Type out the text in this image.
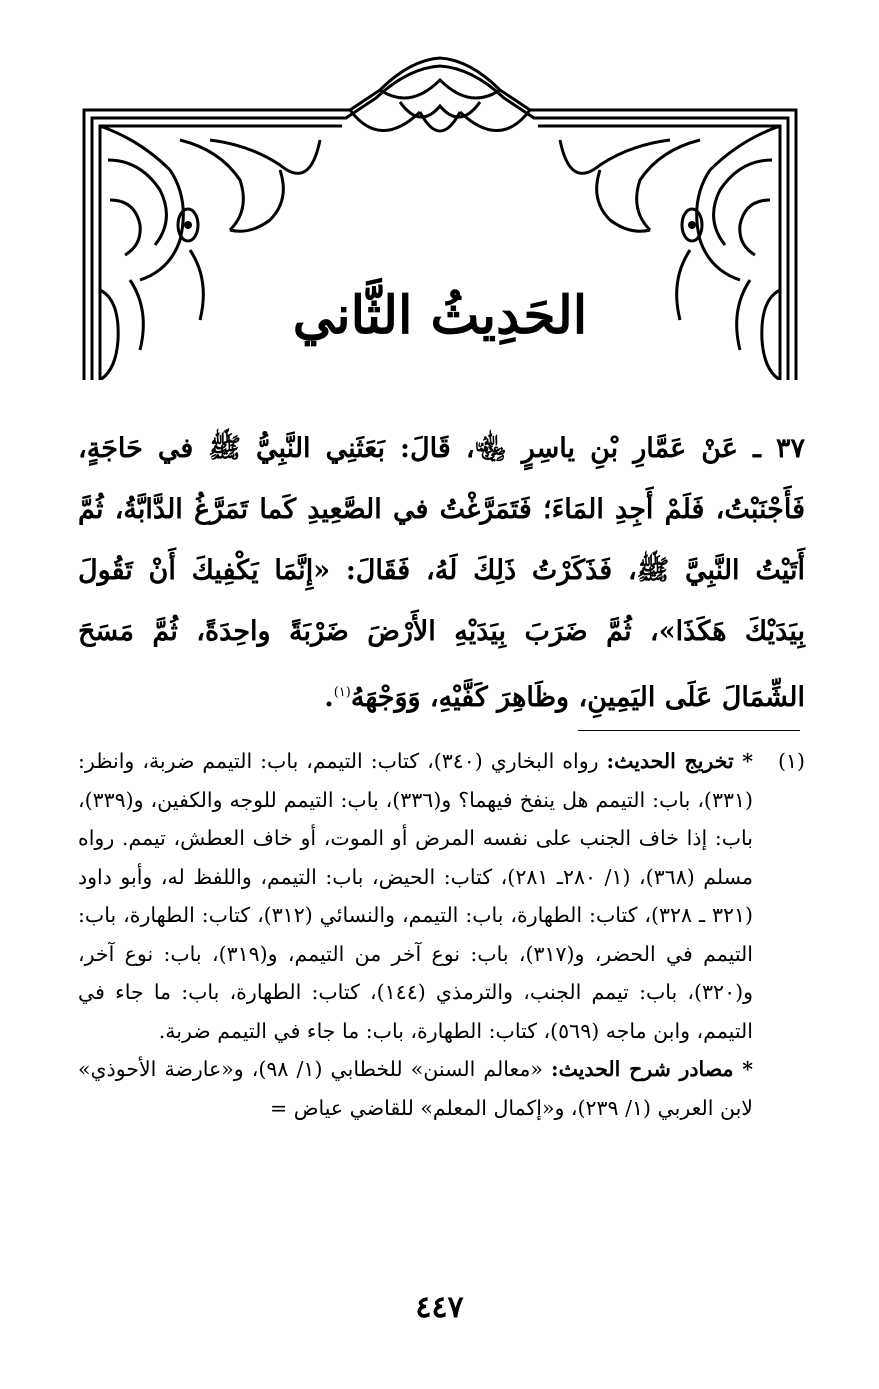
الحَدِيثُ الثَّاني
٣٧ ـ عَنْ عَمَّارِ بْنِ ياسِرٍ ﵄، قَالَ: بَعَثَنِي النَّبِيُّ ﷺ في حَاجَةٍ، فَأَجْنَبْتُ، فَلَمْ أَجِدِ المَاءَ؛ فَتَمَرَّغْتُ في الصَّعِيدِ كَما تَمَرَّغُ الدَّابَّةُ، ثُمَّ أَتَيْتُ النَّبِيَّ ﷺ، فَذَكَرْتُ ذَلِكَ لَهُ، فَقَالَ: «إِنَّمَا يَكْفِيكَ أَنْ تَقُولَ بِيَدَيْكَ هَكَذَا»، ثُمَّ ضَرَبَ بِيَدَيْهِ الأَرْضَ ضَرْبَةً واحِدَةً، ثُمَّ مَسَحَ الشِّمَالَ عَلَى اليَمِينِ، وظَاهِرَ كَفَّيْهِ، وَوَجْهَهُ$^{(١)}$.
(١)

* تخريج الحديث: رواه البخاري (٣٤٠)، كتاب: التيمم، باب: التيمم ضربة، وانظر: (٣٣١)، باب: التيمم هل ينفخ فيهما؟ و(٣٣٦)، باب: التيمم للوجه والكفين، و(٣٣٩)، باب: إذا خاف الجنب على نفسه المرض أو الموت، أو خاف العطش، تيمم. رواه مسلم (٣٦٨)، (١/ ٢٨٠ـ ٢٨١)، كتاب: الحيض، باب: التيمم، واللفظ له، وأبو داود (٣٢١ ـ ٣٢٨)، كتاب: الطهارة، باب: التيمم، والنسائي (٣١٢)، كتاب: الطهارة، باب: التيمم في الحضر، و(٣١٧)، باب: نوع آخر من التيمم، و(٣١٩)، باب: نوع آخر، و(٣٢٠)، باب: تيمم الجنب، والترمذي (١٤٤)، كتاب: الطهارة، باب: ما جاء في التيمم، وابن ماجه (٥٦٩)، كتاب: الطهارة، باب: ما جاء في التيمم ضربة.

* مصادر شرح الحديث: «معالم السنن» للخطابي (١/ ٩٨)، و«عارضة الأحوذي» لابن العربي (١/ ٢٣٩)، و«إكمال المعلم» للقاضي عياض =

٤٤٧
